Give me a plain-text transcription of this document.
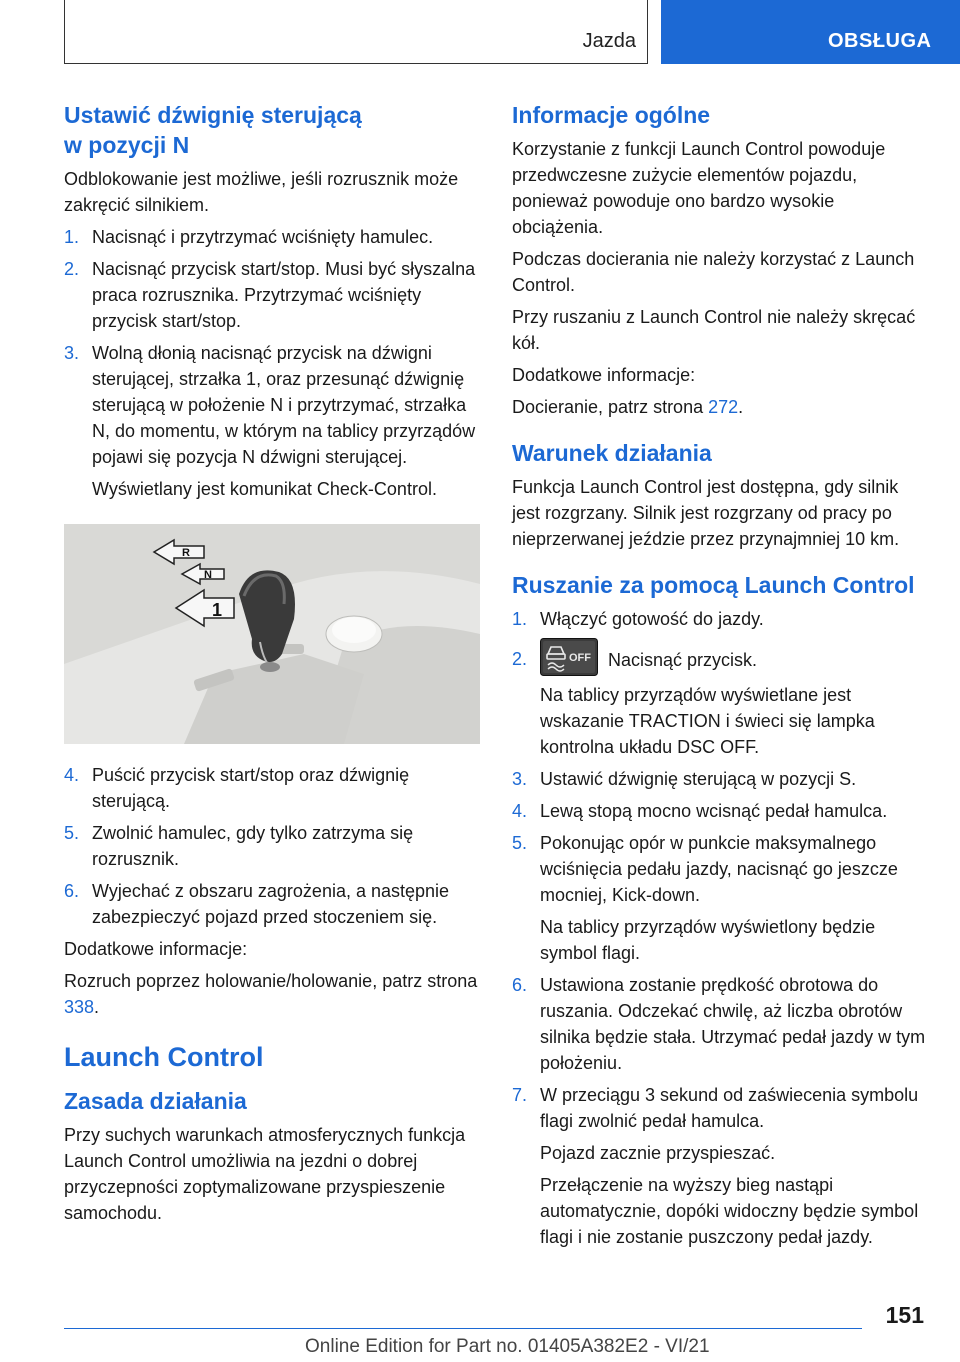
Jazda	OBSŁUGA
Ustawić dźwignię sterującą
w pozycji N

Odblokowanie jest możliwe, jeśli rozrusznik może zakręcić silnikiem.

1. Nacisnąć i przytrzymać wciśnięty hamulec.
2. Nacisnąć przycisk start/stop. Musi być słyszalna praca rozrusznika. Przytrzymać wciśnięty przycisk start/stop.
3. Wolną dłonią nacisnąć przycisk na dźwigni sterującej, strzałka 1, oraz przesunąć dźwignię sterującą w położenie N i przytrzymać, strzałka N, do momentu, w którym na tablicy przyrządów pojawi się pozycja N dźwigni sterującej.
Wyświetlany jest komunikat Check-Control.
R
N
1
4. Puścić przycisk start/stop oraz dźwignię sterującą.
5. Zwolnić hamulec, gdy tylko zatrzyma się rozrusznik.
6. Wyjechać z obszaru zagrożenia, a następnie zabezpieczyć pojazd przed stoczeniem się.

Dodatkowe informacje:

Rozruch poprzez holowanie/holowanie, patrz strona 338.

Launch Control
Zasada działania

Przy suchych warunkach atmosferycznych funkcja Launch Control umożliwia na jezdni o dobrej przyczepności zoptymalizowane przyspieszenie samochodu.

Informacje ogólne

Korzystanie z funkcji Launch Control powoduje przedwczesne zużycie elementów pojazdu, ponieważ powoduje ono bardzo wysokie obciążenia.

Podczas docierania nie należy korzystać z Launch Control.

Przy ruszaniu z Launch Control nie należy skręcać kół.

Dodatkowe informacje:

Docieranie, patrz strona 272.

Warunek działania

Funkcja Launch Control jest dostępna, gdy silnik jest rozgrzany. Silnik jest rozgrzany od pracy po nieprzerwanej jeździe przez przynajmniej 10 km.

Ruszanie za pomocą Launch Control
1. Włączyć gotowość do jazdy.
2.	OFF Nacisnąć przycisk.
Na tablicy przyrządów wyświetlane jest wskazanie TRACTION i świeci się lampka kontrolna układu DSC OFF.
3. Ustawić dźwignię sterującą w pozycji S.
4. Lewą stopą mocno wcisnąć pedał hamulca.
5. Pokonując opór w punkcie maksymalnego wciśnięcia pedału jazdy, nacisnąć go jeszcze mocniej, Kick-down.
Na tablicy przyrządów wyświetlony będzie symbol flagi.
6. Ustawiona zostanie prędkość obrotowa do ruszania. Odczekać chwilę, aż liczba obrotów silnika będzie stała. Utrzymać pedał jazdy w tym położeniu.
7. W przeciągu 3 sekund od zaświecenia symbolu flagi zwolnić pedał hamulca.
Pojazd zacznie przyspieszać.
Przełączenie na wyższy bieg nastąpi automatycznie, dopóki widoczny będzie symbol flagi i nie zostanie puszczony pedał jazdy.
151
Online Edition for Part no. 01405A382E2 - VI/21
